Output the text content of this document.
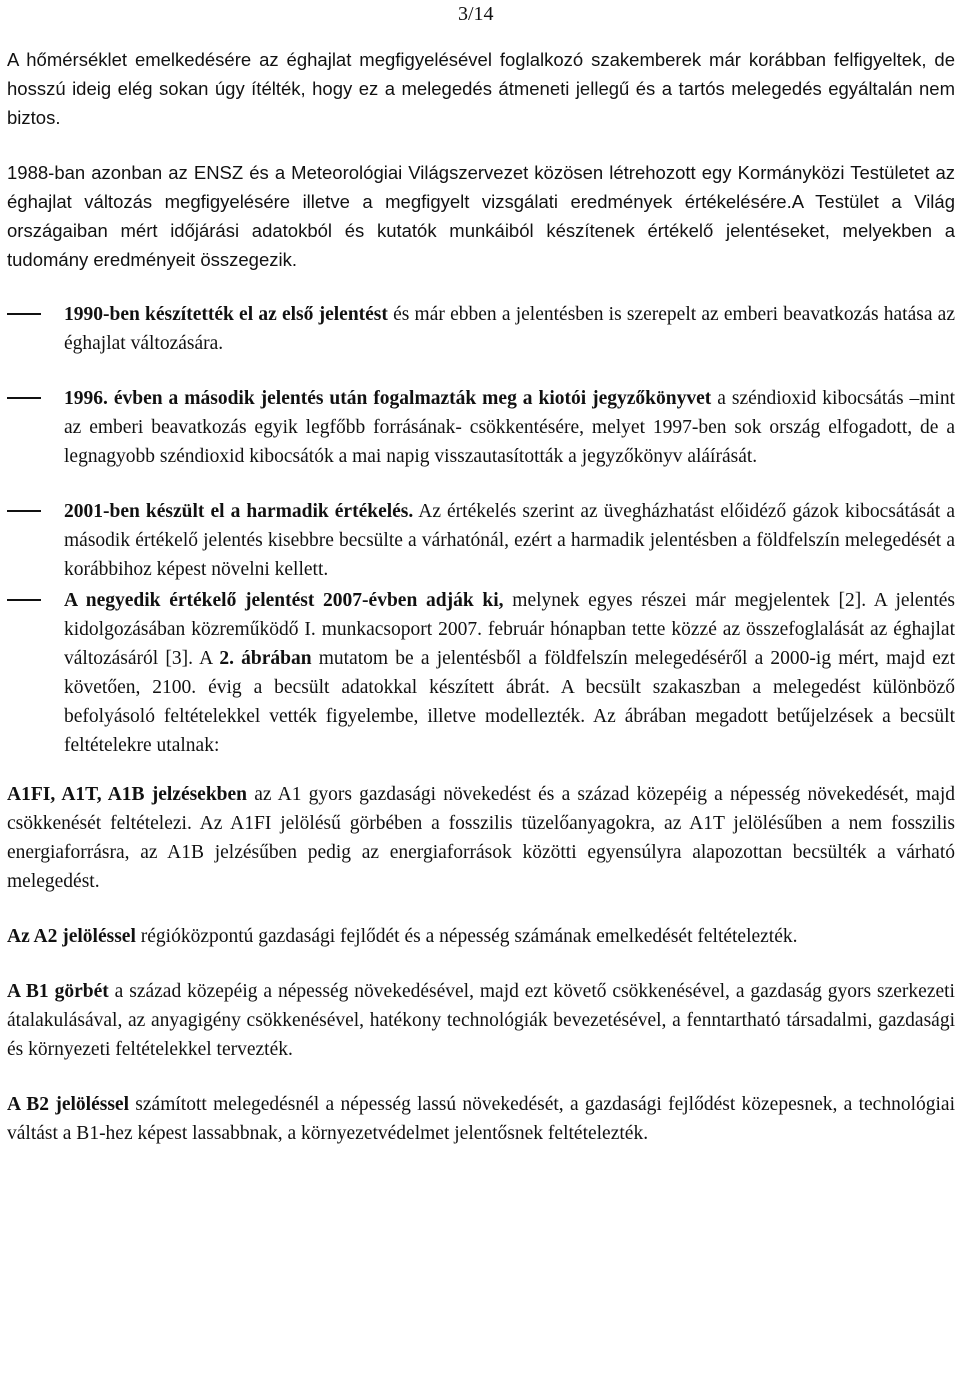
3/14

A hőmérséklet emelkedésére az éghajlat megfigyelésével foglalkozó szakemberek már korábban felfigyeltek, de hosszú ideig elég sokan úgy ítélték, hogy ez a melegedés átmeneti jellegű és a tartós melegedés egyáltalán nem biztos.

1988-ban azonban az ENSZ és a Meteorológiai Világszervezet közösen létrehozott egy Kormányközi Testületet az éghajlat változás megfigyelésére illetve a megfigyelt vizsgálati eredmények értékelésére.A Testület a Világ országaiban mért időjárási adatokból és kutatók munkáiból készítenek értékelő jelentéseket, melyekben a tudomány eredményeit összegezik.

1990-ben készítették el az első jelentést és már ebben a jelentésben is szerepelt az emberi beavatkozás hatása az éghajlat változására.
1996. évben a második jelentés után fogalmazták meg a kiotói jegyzőkönyvet a széndioxid kibocsátás –mint az emberi beavatkozás egyik legfőbb forrásának- csökkentésére, melyet 1997-ben sok ország elfogadott, de a legnagyobb széndioxid kibocsátók a mai napig visszautasították a jegyzőkönyv aláírását.
2001-ben készült el a harmadik értékelés. Az értékelés szerint az üvegházhatást előidéző gázok kibocsátását a második értékelő jelentés kisebbre becsülte a várhatónál, ezért a harmadik jelentésben a földfelszín melegedését a korábbihoz képest növelni kellett.
A negyedik értékelő jelentést 2007-évben adják ki, melynek egyes részei már megjelentek [2]. A jelentés kidolgozásában közreműködő I. munkacsoport 2007. február hónapban tette közzé az összefoglalását az éghajlat változásáról [3]. A 2. ábrában mutatom be a jelentésből a földfelszín melegedéséről a 2000-ig mért, majd ezt követően, 2100. évig a becsült adatokkal készített ábrát. A becsült szakaszban a melegedést különböző befolyásoló feltételekkel vették figyelembe, illetve modellezték. Az ábrában megadott betűjelzések a becsült feltételekre utalnak:

A1FI, A1T, A1B jelzésekben az A1 gyors gazdasági növekedést és a század közepéig a népesség növekedését, majd csökkenését feltételezi. Az A1FI jelölésű görbében a fosszilis tüzelőanyagokra, az A1T jelölésűben a nem fosszilis energiaforrásra, az A1B jelzésűben pedig az energiaforrások közötti egyensúlyra alapozottan becsülték a várható melegedést.

Az A2 jelöléssel régióközpontú gazdasági fejlődét és a népesség számának emelkedését feltételezték.

A B1 görbét a század közepéig a népesség növekedésével, majd ezt követő csökkenésével, a gazdaság gyors szerkezeti átalakulásával, az anyagigény csökkenésével, hatékony technológiák bevezetésével, a fenntartható társadalmi, gazdasági és környezeti feltételekkel tervezték.

A B2 jelöléssel számított melegedésnél a népesség lassú növekedését, a gazdasági fejlődést közepesnek, a technológiai váltást a B1-hez képest lassabbnak, a környezetvédelmet jelentősnek feltételezték.
